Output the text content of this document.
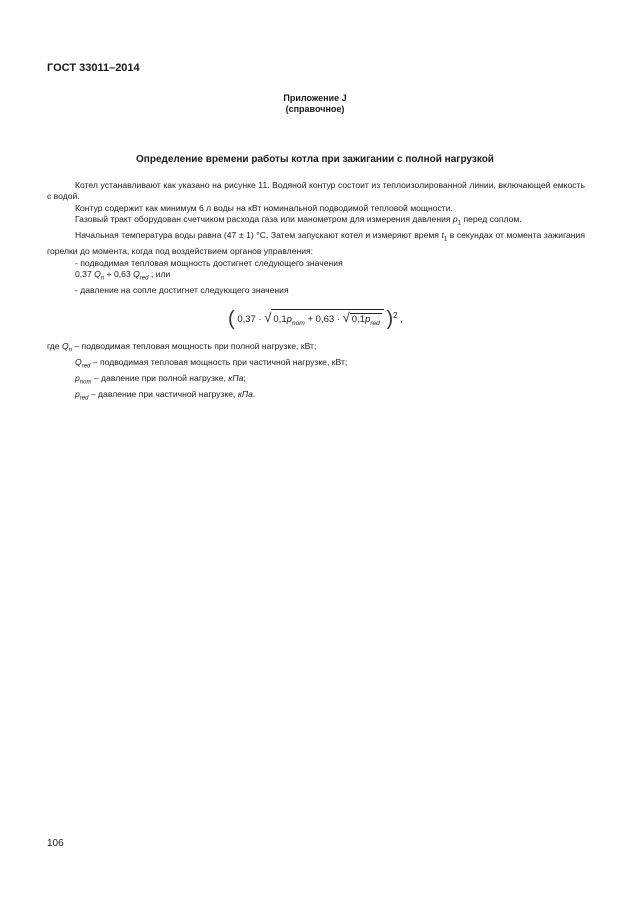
ГОСТ 33011–2014
Приложение J
(справочное)
Определение времени работы котла при зажигании с полной нагрузкой

Котел устанавливают как указано на рисунке 11. Водяной контур состоит из теплоизолированной линии, включающей емкость с водой.

Контур содержит как минимум 6 л воды на кВт номинальной подводимой тепловой мощности.

Газовый тракт оборудован счетчиком расхода газа или манометром для измерения давления $p_1$ перед соплом.

Начальная температура воды равна (47 ± 1) °С. Затем запускают котел и измеряют время $t_1$ в секундах от момента зажигания горелки до момента, когда под воздействием органов управления:

- подводимая тепловая мощность достигнет следующего значения

0,37 $Q_n + 0,63$ $Q_{red}$ ; или

- давление на сопле достигнет следующего значения

( 0,37 · √ $0,1p_{nom} + 0,63$ · √ $0,1p_{red}$ )$^2$ ,
где $Q_n$ – подводимая тепловая мощность при полной нагрузке, кВт;
$Q_{red}$ – подводимая тепловая мощность при частичной нагрузке, кВт;
$p_{nom}$ – давление при полной нагрузке, кПа;
$p_{red}$ – давление при частичной нагрузке, кПа.
106
